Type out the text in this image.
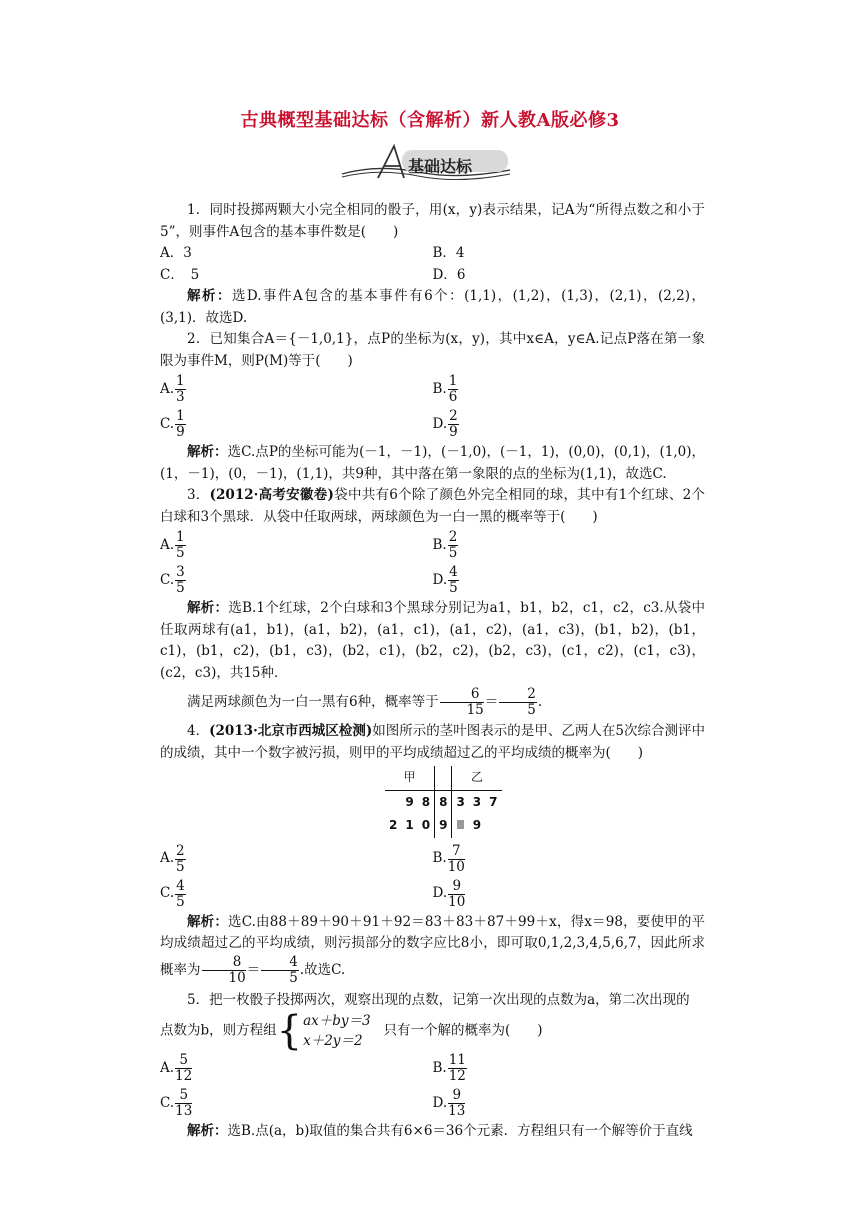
古典概型基础达标（含解析）新人教A版必修3
基础达标

1．同时投掷两颗大小完全相同的骰子，用(x，y)表示结果，记A为“所得点数之和小于5”，则事件A包含的基本事件数是(　　)

A．3	B．4
C．　5	D．6

解析：选D.事件A包含的基本事件有6个：(1,1)，(1,2)，(1,3)，(2,1)，(2,2)，(3,1)．故选D.

2．已知集合A＝{－1,0,1}，点P的坐标为(x，y)，其中x∈A，y∈A.记点P落在第一象限为事件M，则P(M)等于(　　)

A. $\frac{1}{3}$	B. $\frac{1}{6}$
C. $\frac{1}{9}$	D. $\frac{2}{9}$

解析：选C.点P的坐标可能为(－1，－1)，(－1,0)，(－1，1)，(0,0)，(0,1)，(1,0)，(1，－1)，(0，－1)，(1,1)，共9种，其中落在第一象限的点的坐标为(1,1)，故选C.

3．(2012·高考安徽卷)袋中共有6个除了颜色外完全相同的球，其中有1个红球、2个白球和3个黑球．从袋中任取两球，两球颜色为一白一黑的概率等于(　　)

A. $\frac{1}{5}$	B. $\frac{2}{5}$
C. $\frac{3}{5}$	D. $\frac{4}{5}$

解析：选B.1个红球，2个白球和3个黑球分别记为a1，b1，b2，c1，c2，c3.从袋中任取两球有(a1，b1)，(a1，b2)，(a1，c1)，(a1，c2)，(a1，c3)，(b1，b2)，(b1，c1)，(b1，c2)，(b1，c3)，(b2，c1)，(b2，c2)，(b2，c3)，(c1，c2)，(c1，c3)，(c2，c3)，共15种．

满足两球颜色为一白一黑有6种，概率等于 $\frac{6}{15} = \frac{2}{5}$ .

4．(2013·北京市西城区检测)如图所示的茎叶图表示的是甲、乙两人在5次综合测评中的成绩，其中一个数字被污损，则甲的平均成绩超过乙的平均成绩的概率为(　　)

甲				乙		
	9	8	8	3	3	7
2	1	0	9		9	
A. $\frac{2}{5}$	B. $\frac{7}{10}$
C. $\frac{4}{5}$	D. $\frac{9}{10}$

解析：选C.由88＋89＋90＋91＋92＝83＋83＋87＋99＋x，得x＝98，要使甲的平均成绩超过乙的平均成绩，则污损部分的数字应比8小，即可取0,1,2,3,4,5,6,7，因此所求概率为 $\frac{8}{10} = \frac{4}{5}$ .故选C.

5．把一枚骰子投掷两次，观察出现的点数，记第一次出现的点数为a，第二次出现的

点数为b，则方程组 { ax＋by＝3
x＋2y＝2
只有一个解的概率为(　　)

A. $\frac{5}{12}$	B. $\frac{11}{12}$
C. $\frac{5}{13}$	D. $\frac{9}{13}$

解析：选B.点(a，b)取值的集合共有6×6＝36个元素．方程组只有一个解等价于直线
